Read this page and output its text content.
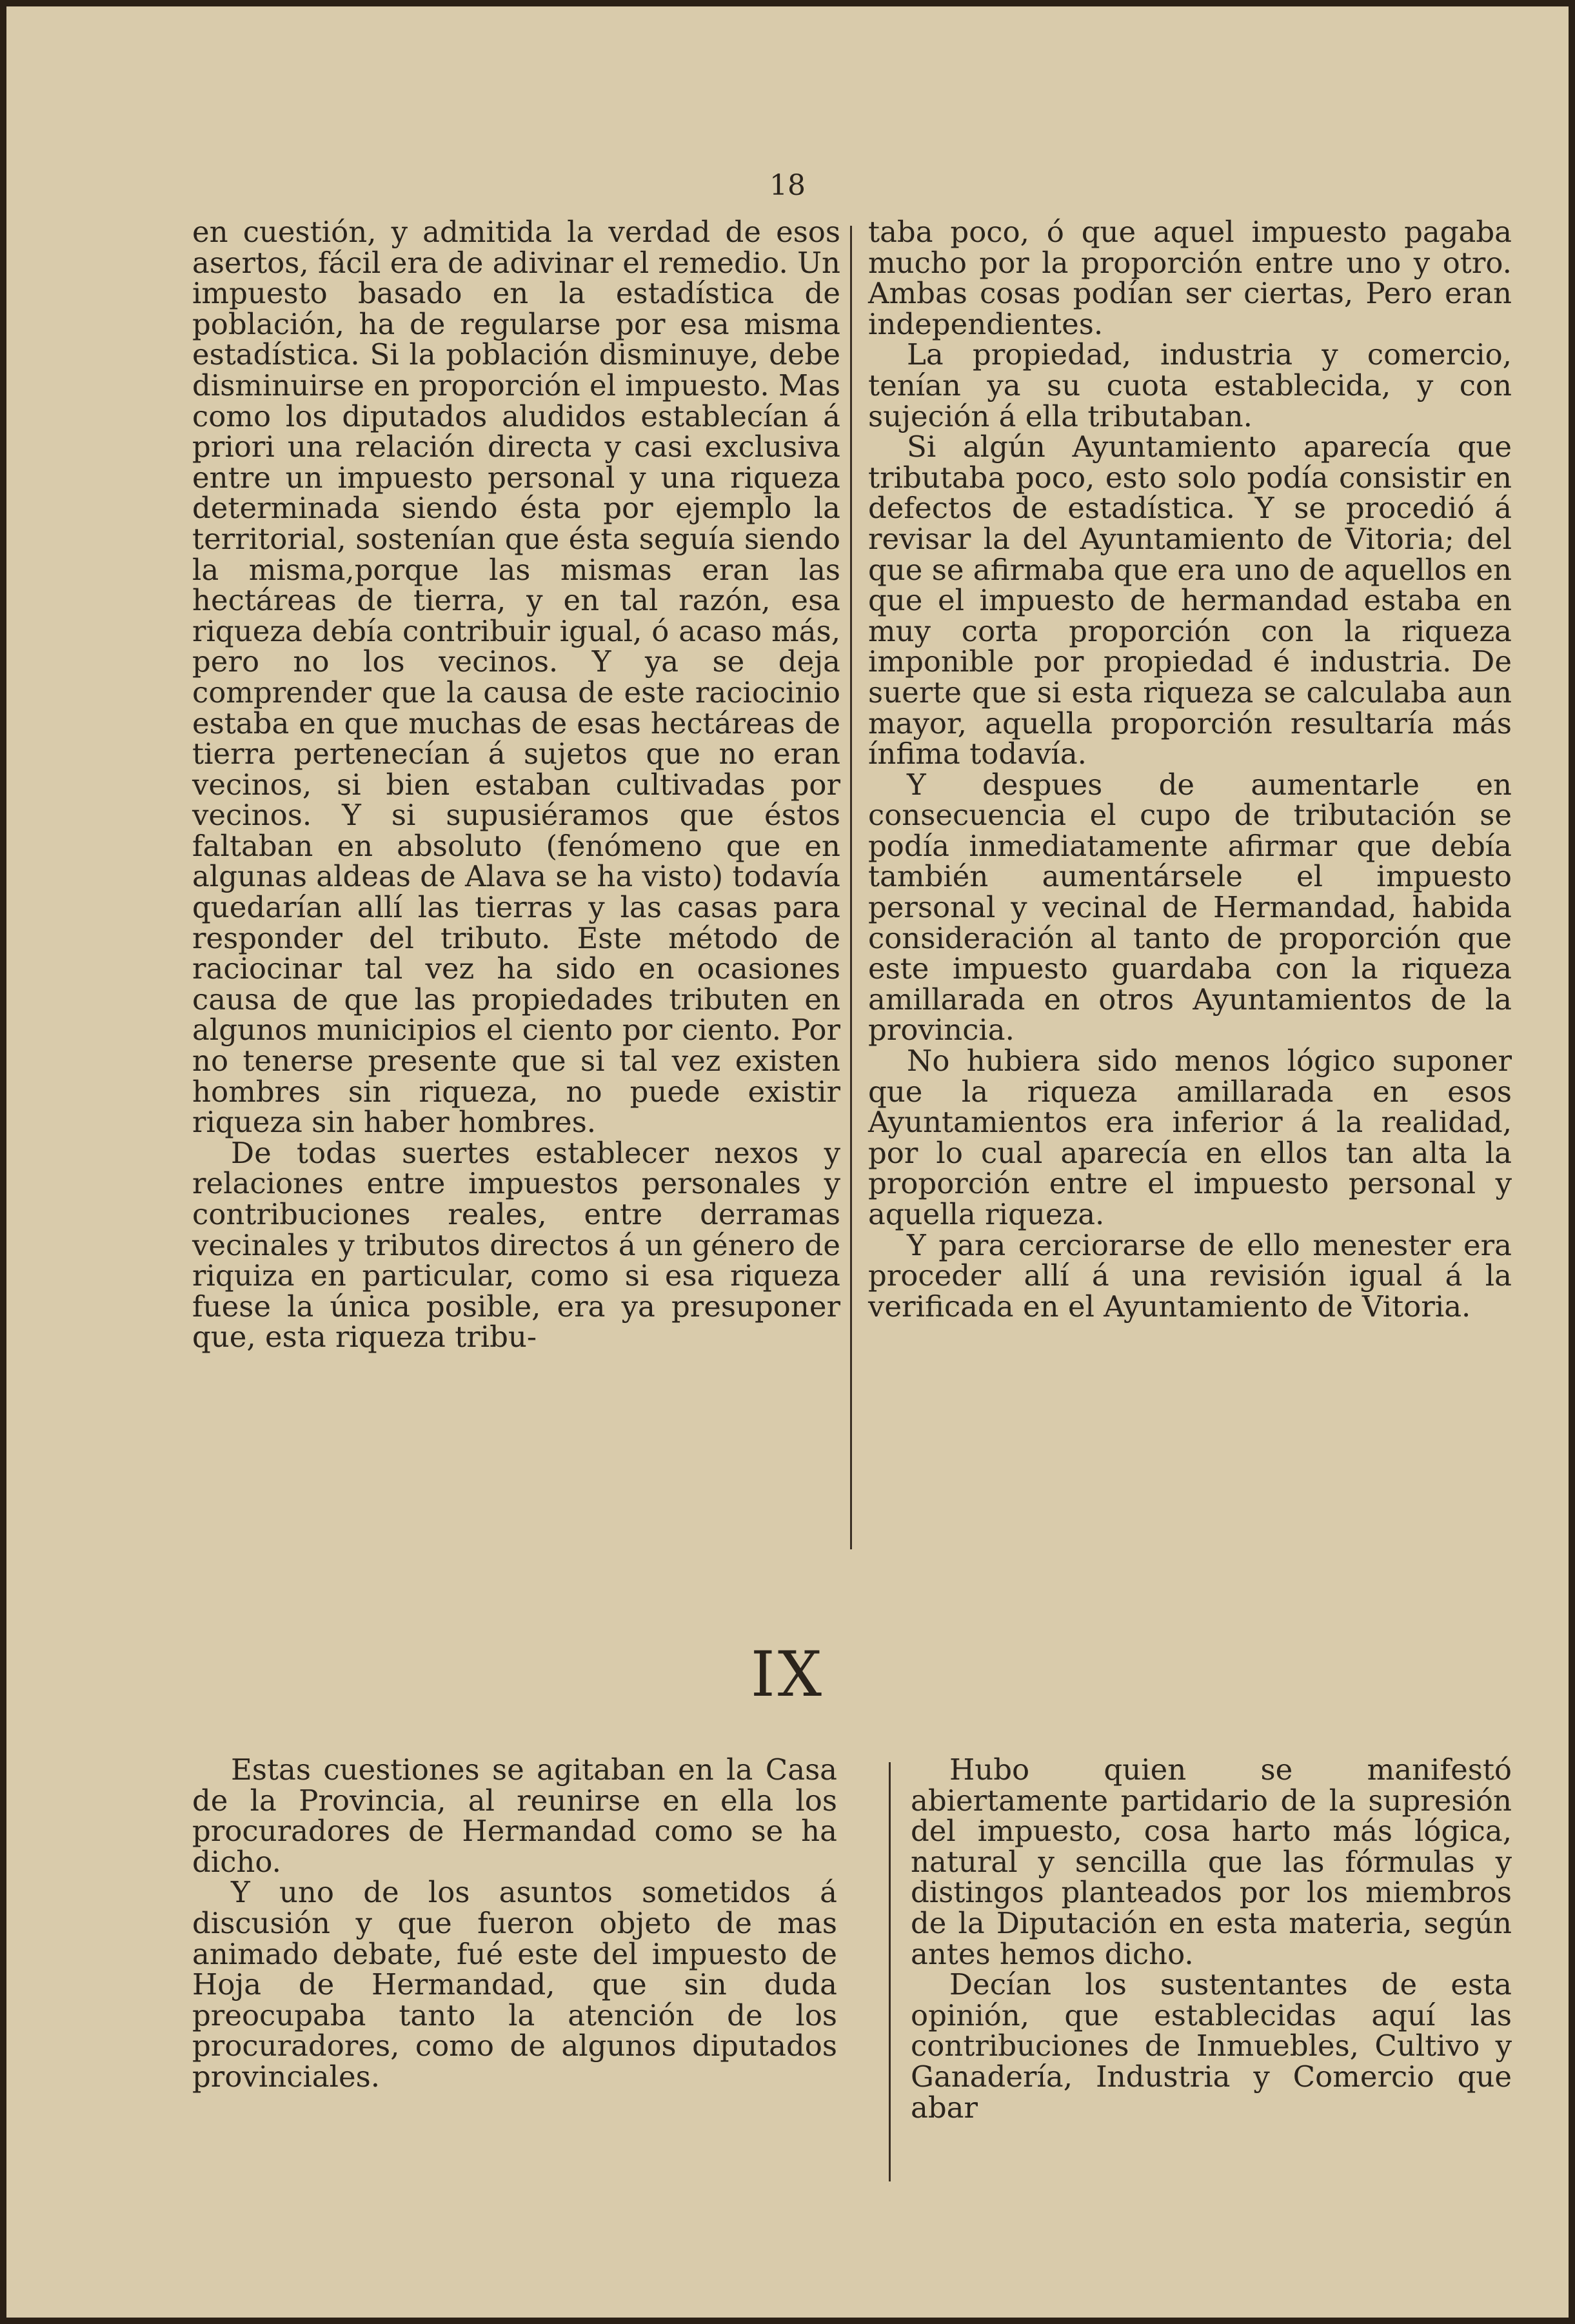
18

en cuestión, y admitida la verdad de esos asertos, fácil era de adivinar el remedio. Un impuesto basado en la estadística de población, ha de regularse por esa misma estadística. Si la población disminuye, debe disminuirse en proporción el impuesto. Mas como los diputados aludidos establecían á priori una relación directa y casi exclusiva entre un impuesto personal y una riqueza determinada siendo ésta por ejemplo la territorial, sostenían que ésta seguía siendo la misma,porque las mismas eran las hectáreas de tierra, y en tal razón, esa riqueza debía contribuir igual, ó acaso más, pero no los vecinos. Y ya se deja comprender que la causa de este raciocinio estaba en que muchas de esas hectáreas de tierra pertenecían á sujetos que no eran vecinos, si bien estaban cultivadas por vecinos. Y si supusiéramos que éstos faltaban en absoluto (fenómeno que en algunas aldeas de Alava se ha visto) todavía quedarían allí las tierras y las casas para responder del tributo. Este método de raciocinar tal vez ha sido en ocasiones causa de que las propiedades tributen en algunos municipios el ciento por ciento. Por no tenerse presente que si tal vez existen hombres sin riqueza, no puede existir riqueza sin haber hombres.

De todas suertes establecer nexos y relaciones entre impuestos personales y contribuciones reales, entre derramas vecinales y tributos directos á un género de riquiza en particular, como si esa riqueza fuese la única posible, era ya presuponer que, esta riqueza tribu-

taba poco, ó que aquel impuesto pagaba mucho por la proporción entre uno y otro. Ambas cosas podían ser ciertas, Pero eran independientes.

La propiedad, industria y comercio, tenían ya su cuota establecida, y con sujeción á ella tributaban.

Si algún Ayuntamiento aparecía que tributaba poco, esto solo podía consistir en defectos de estadística. Y se procedió á revisar la del Ayuntamiento de Vitoria; del que se afirmaba que era uno de aquellos en que el impuesto de hermandad estaba en muy corta proporción con la riqueza imponible por propiedad é industria. De suerte que si esta riqueza se calculaba aun mayor, aquella proporción resultaría más ínfima todavía.

Y despues de aumentarle en consecuencia el cupo de tributación se podía inmediatamente afirmar que debía también aumentársele el impuesto personal y vecinal de Hermandad, habida consideración al tanto de proporción que este impuesto guardaba con la riqueza amillarada en otros Ayuntamientos de la provincia.

No hubiera sido menos lógico suponer que la riqueza amillarada en esos Ayuntamientos era inferior á la realidad, por lo cual aparecía en ellos tan alta la proporción entre el impuesto personal y aquella riqueza.

Y para cerciorarse de ello menester era proceder allí á una revisión igual á la verificada en el Ayuntamiento de Vitoria.

IX

Estas cuestiones se agitaban en la Casa de la Provincia, al reunirse en ella los procuradores de Hermandad como se ha dicho.

Y uno de los asuntos sometidos á discusión y que fueron objeto de mas animado debate, fué este del impuesto de Hoja de Hermandad, que sin duda preocupaba tanto la atención de los procuradores, como de algunos diputados provinciales.

Hubo quien se manifestó abiertamente partidario de la supresión del impuesto, cosa harto más lógica, natural y sencilla que las fórmulas y distingos planteados por los miembros de la Diputación en esta materia, según antes hemos dicho.

Decían los sustentantes de esta opinión, que establecidas aquí las contribuciones de Inmuebles, Cultivo y Ganadería, Industria y Comercio que abar
